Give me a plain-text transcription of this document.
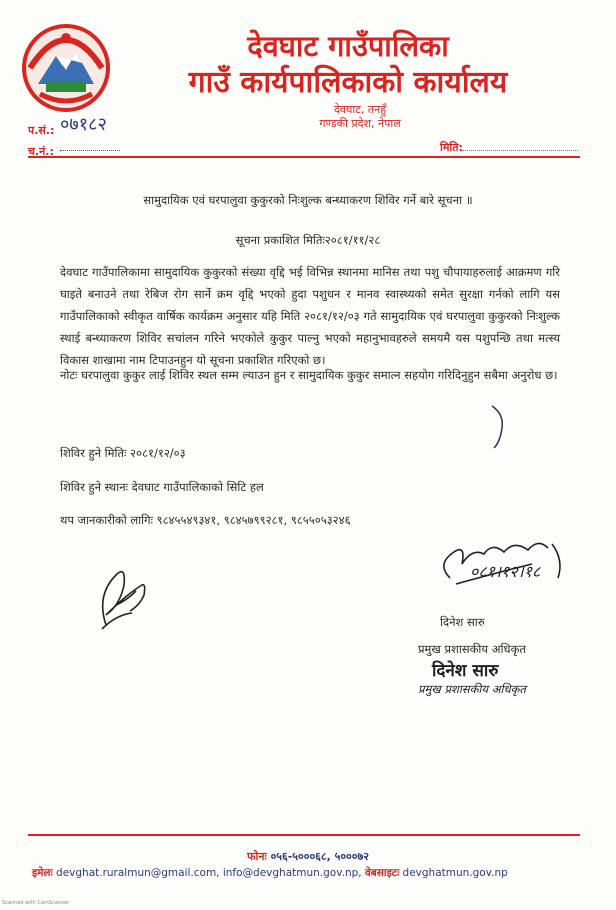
देवघाट गाउँपालिका
गाउँ कार्यपालिकाको कार्यालय
देवघाट, तनहुँ
गण्डकी प्रदेश, नेपाल
प.सं.: ०७१८२
च.नं.:	मिति:
सामुदायिक एवं घरपालुवा कुकुरको निःशुल्क बन्ध्याकरण शिविर गर्ने बारे सूचना ॥
सूचना प्रकाशित मितिः२०८१/११/२८
देवघाट गाउँपालिकामा सामुदायिक कुकुरको संख्या वृद्दि भई विभिन्न स्थानमा मानिस तथा पशु चौपायाहरुलाई आक्रमण गरि घाइते बनाउने तथा रेबिज रोग सार्ने क्रम वृद्दि भएको हुदा पशुधन र मानव स्वास्थ्यको समेत सुरक्षा गर्नको लागि यस गाउँपालिकाको स्वीकृत वार्षिक कार्यक्रम अनुसार यहि मिति २०८१/१२/०३ गते सामुदायिक एवं घरपालुवा कुकुरको निःशुल्क स्थाई बन्ध्याकरण शिविर सचांलन गरिने भएकोले कुकुर पाल्नु भएको महानुभावहरुले समयमै यस पशुपन्छि तथा मत्स्य विकास शाखामा नाम टिपाउनहुन यो सूचना प्रकाशित गरिएको छ।
नोटः घरपालुवा कुकुर लाई शिविर स्थल सम्म ल्याउन हुन र सामुदायिक कुकुर समात्न सहयोग गरिदिनुहुन सबैमा अनुरोध छ।
शिविर हुने मितिः २०८१/१२/०३
शिविर हुने स्थानः देवघाट गाउँपालिकाको सिटि हल
थप जानकारीको लागिः ९८४५५४९३४१, ९८४५७९९२८१, ९८५५०५३२४६
०८१।१२।१८
दिनेश सारु
प्रमुख प्रशासकीय अधिकृत
दिनेश सारु
प्रमुख प्रशासकीय अधिकृत
फोनः ०५६-५०००६८, ५०००७२
इमेलः devghat.ruralmun@gmail.com, info@devghatmun.gov.np, वेबसाइटः devghatmun.gov.np
Scanned with CamScanner
